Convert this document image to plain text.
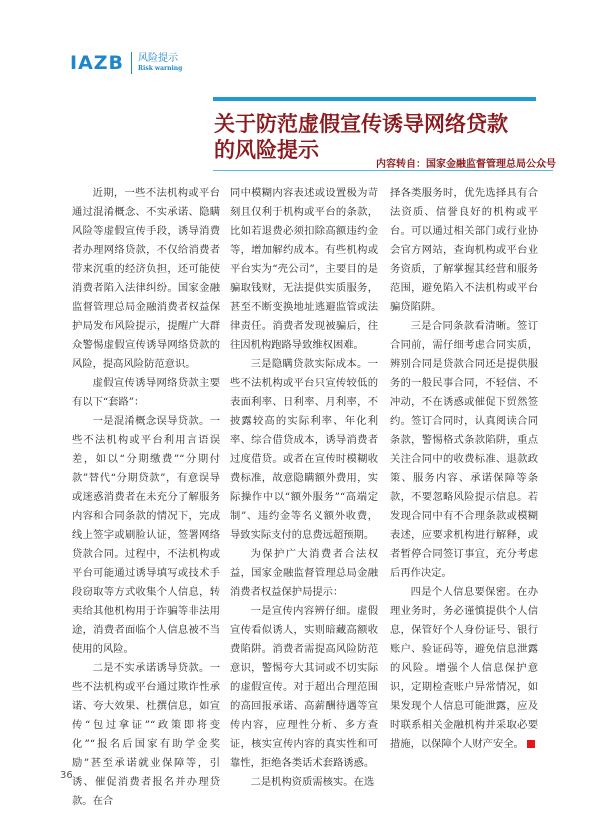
IAZB 风险提示
Risk warning
关于防范虚假宣传诱导网络贷款
的风险提示
内容转自：国家金融监督管理总局公众号

近期，一些不法机构或平台通过混淆概念、不实承诺、隐瞒风险等虚假宣传手段，诱导消费者办理网络贷款，不仅给消费者带来沉重的经济负担，还可能使消费者陷入法律纠纷。国家金融监督管理总局金融消费者权益保护局发布风险提示，提醒广大群众警惕虚假宣传诱导网络贷款的风险，提高风险防范意识。

虚假宣传诱导网络贷款主要有以下“套路”：

一是混淆概念误导贷款。一些不法机构或平台利用言语误差，如以“分期缴费”“分期付款”替代“分期贷款”，有意误导或迷惑消费者在未充分了解服务内容和合同条款的情况下，完成线上签字或刷脸认证，签署网络贷款合同。过程中，不法机构或平台可能通过诱导填写或技术手段窃取等方式收集个人信息，转卖给其他机构用于诈骗等非法用途，消费者面临个人信息被不当使用的风险。

二是不实承诺诱导贷款。一些不法机构或平台通过欺诈性承诺、夸大效果、杜撰信息，如宣传“包过拿证”“政策即将变化”“报名后国家有助学金奖励”甚至承诺就业保障等，引诱、催促消费者报名并办理贷款。在合

同中模糊内容表述或设置极为苛刻且仅利于机构或平台的条款，比如若退费必须扣除高额违约金等，增加解约成本。有些机构或平台实为“壳公司”，主要目的是骗取钱财，无法提供实质服务，甚至不断变换地址逃避监管或法律责任。消费者发现被骗后，往往因机构跑路导致维权困难。

三是隐瞒贷款实际成本。一些不法机构或平台只宣传较低的表面利率、日利率、月利率，不披露较高的实际利率、年化利率、综合借贷成本，诱导消费者过度借贷。或者在宣传时模糊收费标准，故意隐瞒额外费用，实际操作中以“额外服务”“高端定制”、违约金等名义额外收费，导致实际支付的息费远超预期。

为保护广大消费者合法权益，国家金融监督管理总局金融消费者权益保护局提示：

一是宣传内容辨仔细。虚假宣传看似诱人，实则暗藏高额收费陷阱。消费者需提高风险防范意识，警惕夸大其词或不切实际的虚假宣传。对于超出合理范围的高回报承诺、高薪酬待遇等宣传内容，应理性分析、多方查证，核实宣传内容的真实性和可靠性，拒绝各类话术套路诱惑。

二是机构资质需核实。在选

择各类服务时，优先选择具有合法资质、信誉良好的机构或平台。可以通过相关部门或行业协会官方网站，查询机构或平台业务资质，了解掌握其经营和服务范围，避免陷入不法机构或平台骗贷陷阱。

三是合同条款看清晰。签订合同前，需仔细考虑合同实质，辨别合同是贷款合同还是提供服务的一般民事合同，不轻信、不冲动，不在诱惑或催促下贸然签约。签订合同时，认真阅读合同条款，警惕格式条款陷阱，重点关注合同中的收费标准、退款政策、服务内容、承诺保障等条款，不要忽略风险提示信息。若发现合同中有不合理条款或模糊表述，应要求机构进行解释，或者暂停合同签订事宜，充分考虑后再作决定。

四是个人信息要保密。在办理业务时，务必谨慎提供个人信息，保管好个人身份证号、银行账户、验证码等，避免信息泄露的风险。增强个人信息保护意识，定期检查账户异常情况，如果发现个人信息可能泄露，应及时联系相关金融机构并采取必要措施，以保障个人财产安全。

36
